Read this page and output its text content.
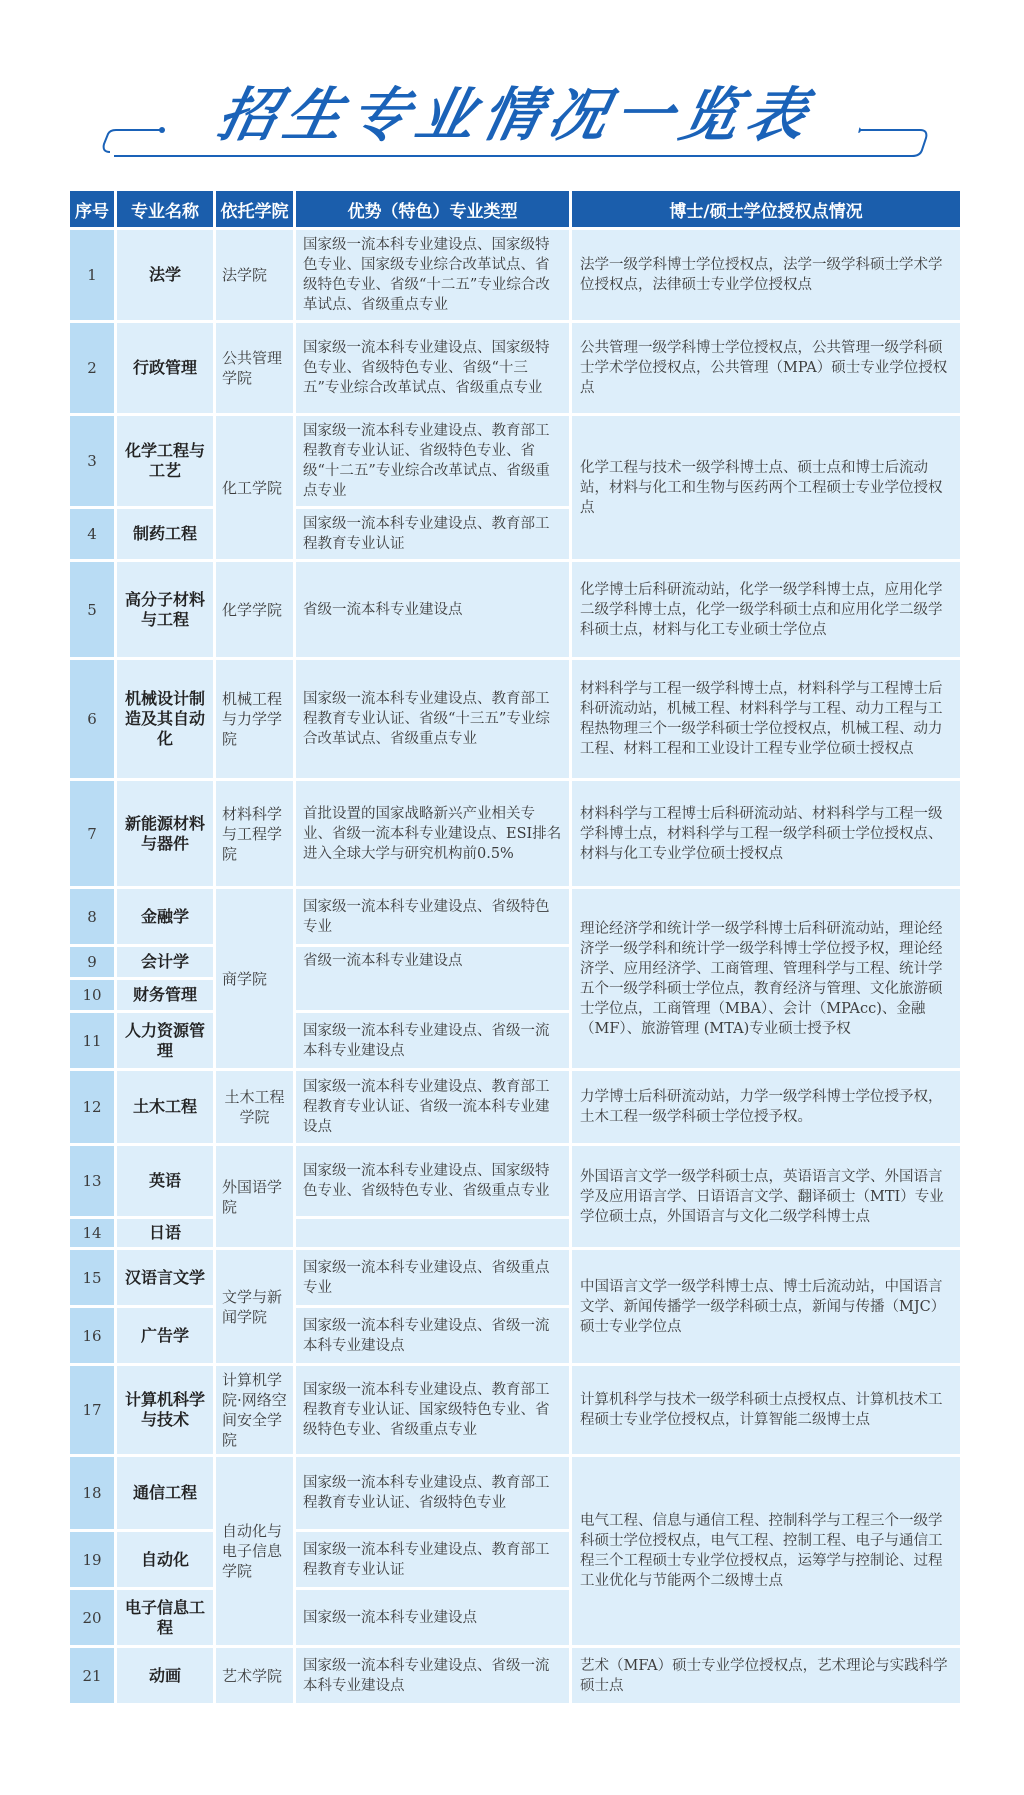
招生专业情况一览表
序号	专业名称	依托学院	优势（特色）专业类型	博士/硕士学位授权点情况
1	法学	法学院	国家级一流本科专业建设点、国家级特色专业、国家级专业综合改革试点、省级特色专业、省级“十二五”专业综合改革试点、省级重点专业	法学一级学科博士学位授权点，法学一级学科硕士学术学位授权点，法律硕士专业学位授权点
2	行政管理	公共管理学院	国家级一流本科专业建设点、国家级特色专业、省级特色专业、省级“十三五”专业综合改革试点、省级重点专业	公共管理一级学科博士学位授权点，公共管理一级学科硕士学术学位授权点，公共管理（MPA）硕士专业学位授权点
3	化学工程与工艺	化工学院	国家级一流本科专业建设点、教育部工程教育专业认证、省级特色专业、省级“十二五”专业综合改革试点、省级重点专业	化学工程与技术一级学科博士点、硕士点和博士后流动站，材料与化工和生物与医药两个工程硕士专业学位授权点
4	制药工程		国家级一流本科专业建设点、教育部工程教育专业认证	
5	高分子材料与工程	化学学院	省级一流本科专业建设点	化学博士后科研流动站，化学一级学科博士点，应用化学二级学科博士点，化学一级学科硕士点和应用化学二级学科硕士点，材料与化工专业硕士学位点
6	机械设计制造及其自动化	机械工程与力学学院	国家级一流本科专业建设点、教育部工程教育专业认证、省级“十三五”专业综合改革试点、省级重点专业	材料科学与工程一级学科博士点，材料科学与工程博士后科研流动站，机械工程、材料科学与工程、动力工程与工程热物理三个一级学科硕士学位授权点，机械工程、动力工程、材料工程和工业设计工程专业学位硕士授权点
7	新能源材料与器件	材料科学与工程学院	首批设置的国家战略新兴产业相关专业、省级一流本科专业建设点、ESI排名进入全球大学与研究机构前0.5%	材料科学与工程博士后科研流动站、材料科学与工程一级学科博士点，材料科学与工程一级学科硕士学位授权点、材料与化工专业学位硕士授权点
8	金融学	商学院	国家级一流本科专业建设点、省级特色专业	理论经济学和统计学一级学科博士后科研流动站，理论经济学一级学科和统计学一级学科博士学位授予权，理论经济学、应用经济学、工商管理、管理科学与工程、统计学五个一级学科硕士学位点，教育经济与管理、文化旅游硕士学位点，工商管理（MBA）、会计（MPAcc)、金融（MF）、旅游管理 (MTA)专业硕士授予权
9	会计学		省级一流本科专业建设点	
10	财务管理			
11	人力资源管理		国家级一流本科专业建设点、省级一流本科专业建设点	
12	土木工程	土木工程学院	国家级一流本科专业建设点、教育部工程教育专业认证、省级一流本科专业建设点	力学博士后科研流动站，力学一级学科博士学位授予权，土木工程一级学科硕士学位授予权。
13	英语	外国语学院	国家级一流本科专业建设点、国家级特色专业、省级特色专业、省级重点专业	外国语言文学一级学科硕士点，英语语言文学、外国语言学及应用语言学、日语语言文学、翻译硕士（MTI）专业学位硕士点，外国语言与文化二级学科博士点
14	日语			
15	汉语言文学	文学与新闻学院	国家级一流本科专业建设点、省级重点专业	中国语言文学一级学科博士点、博士后流动站，中国语言文学、新闻传播学一级学科硕士点，新闻与传播（MJC）硕士专业学位点
16	广告学		国家级一流本科专业建设点、省级一流本科专业建设点	
17	计算机科学与技术	计算机学院·网络空间安全学院	国家级一流本科专业建设点、教育部工程教育专业认证、国家级特色专业、省级特色专业、省级重点专业	计算机科学与技术一级学科硕士点授权点、计算机技术工程硕士专业学位授权点，计算智能二级博士点
18	通信工程	自动化与电子信息学院	国家级一流本科专业建设点、教育部工程教育专业认证、省级特色专业	电气工程、信息与通信工程、控制科学与工程三个一级学科硕士学位授权点，电气工程、控制工程、电子与通信工程三个工程硕士专业学位授权点，运筹学与控制论、过程工业优化与节能两个二级博士点
19	自动化		国家级一流本科专业建设点、教育部工程教育专业认证	
20	电子信息工程		国家级一流本科专业建设点	
21	动画	艺术学院	国家级一流本科专业建设点、省级一流本科专业建设点	艺术（MFA）硕士专业学位授权点，艺术理论与实践科学硕士点
